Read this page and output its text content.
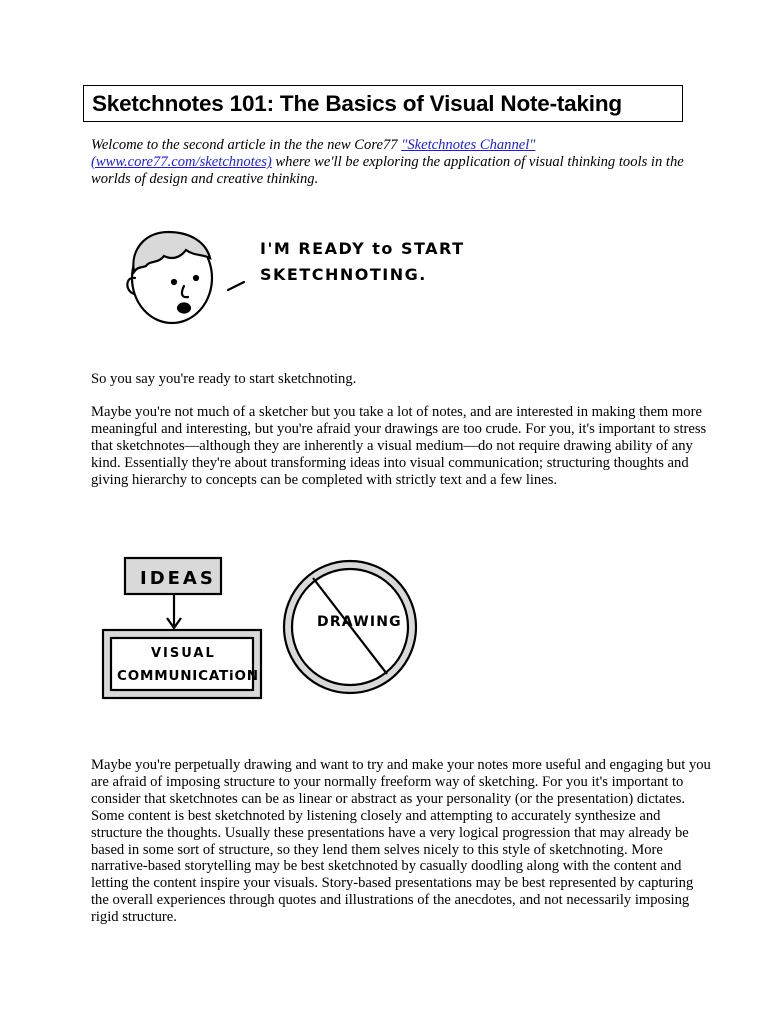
Sketchnotes 101: The Basics of Visual Note-taking

Welcome to the second article in the the new Core77 "Sketchnotes Channel" (www.core77.com/sketchnotes) where we'll be exploring the application of visual thinking tools in the worlds of design and creative thinking.

I'M READY to START
SKETCHNOTING.

So you say you're ready to start sketchnoting.

Maybe you're not much of a sketcher but you take a lot of notes, and are interested in making them more meaningful and interesting, but you're afraid your drawings are too crude. For you, it's important to stress that sketchnotes—although they are inherently a visual medium—do not require drawing ability of any kind. Essentially they're about transforming ideas into visual communication; structuring thoughts and giving hierarchy to concepts can be completed with strictly text and a few lines.

IDEAS
VISUAL
COMMUNICATiON
DRAWING

Maybe you're perpetually drawing and want to try and make your notes more useful and engaging but you are afraid of imposing structure to your normally freeform way of sketching. For you it's important to consider that sketchnotes can be as linear or abstract as your personality (or the presentation) dictates. Some content is best sketchnoted by listening closely and attempting to accurately synthesize and structure the thoughts. Usually these presentations have a very logical progression that may already be based in some sort of structure, so they lend them selves nicely to this style of sketchnoting. More narrative-based storytelling may be best sketchnoted by casually doodling along with the content and letting the content inspire your visuals. Story-based presentations may be best represented by capturing the overall experiences through quotes and illustrations of the anecdotes, and not necessarily imposing rigid structure.
